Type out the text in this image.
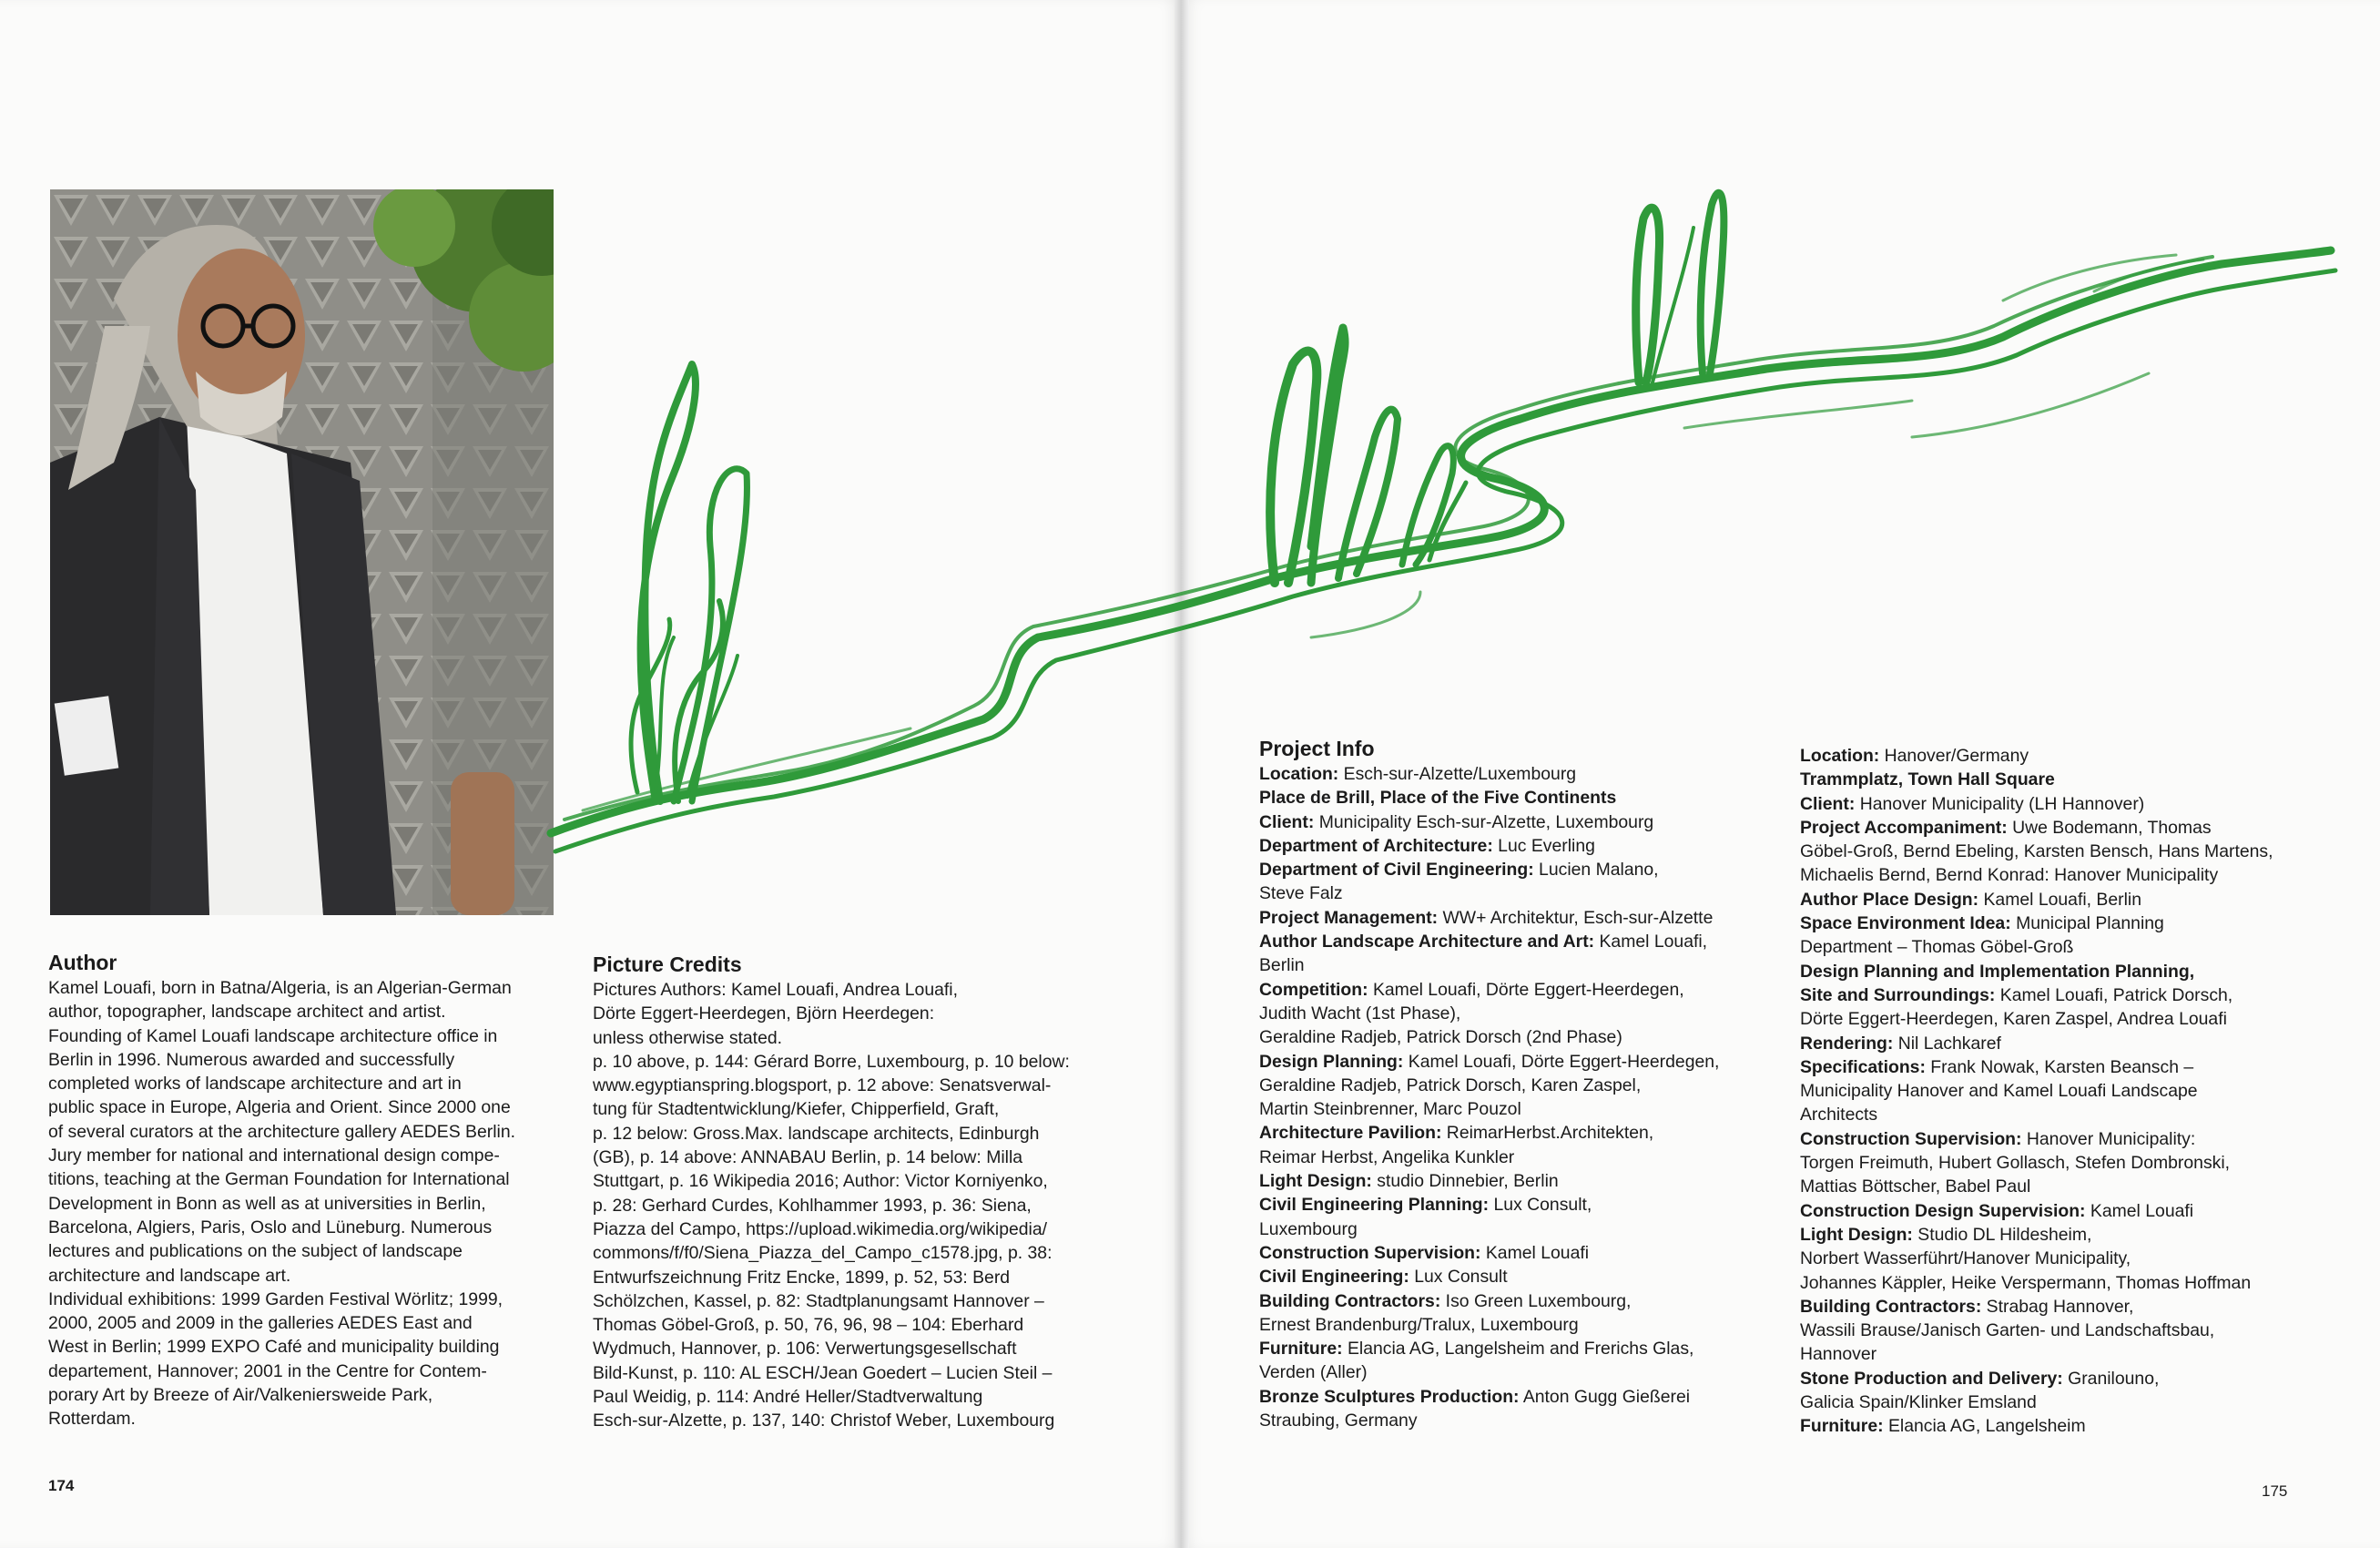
Author

Kamel Louafi, born in Batna/Algeria, is an Algerian-German
author, topographer, landscape architect and artist.
Founding of Kamel Louafi landscape architecture office in
Berlin in 1996. Numerous awarded and successfully
completed works of landscape architecture and art in
public space in Europe, Algeria and Orient. Since 2000 one
of several curators at the architecture gallery AEDES Berlin.
Jury member for national and international design compe-
titions, teaching at the German Foundation for International
Development in Bonn as well as at universities in Berlin,
Barcelona, Algiers, Paris, Oslo and Lüneburg. Numerous
lectures and publications on the subject of landscape
architecture and landscape art.
Individual exhibitions: 1999 Garden Festival Wörlitz; 1999,
2000, 2005 and 2009 in the galleries AEDES East and
West in Berlin; 1999 EXPO Café and municipality building
departement, Hannover; 2001 in the Centre for Contem-
porary Art by Breeze of Air/Valkeniersweide Park,
Rotterdam.

Picture Credits

Pictures Authors: Kamel Louafi, Andrea Louafi,
Dörte Eggert-Heerdegen, Björn Heerdegen:
unless otherwise stated.
p. 10 above, p. 144: Gérard Borre, Luxembourg, p. 10 below:
www.egyptianspring.blogsport, p. 12 above: Senatsverwal-
tung für Stadtentwicklung/Kiefer, Chipperfield, Graft,
p. 12 below: Gross.Max. landscape architects, Edinburgh
(GB), p. 14 above: ANNABAU Berlin, p. 14 below: Milla
Stuttgart, p. 16 Wikipedia 2016; Author: Victor Korniyenko,
p. 28: Gerhard Curdes, Kohlhammer 1993, p. 36: Siena,
Piazza del Campo, https://upload.wikimedia.org/wikipedia/
commons/f/f0/Siena_Piazza_del_Campo_c1578.jpg, p. 38:
Entwurfszeichnung Fritz Encke, 1899, p. 52, 53: Berd
Schölzchen, Kassel, p. 82: Stadtplanungsamt Hannover –
Thomas Göbel-Groß, p. 50, 76, 96, 98 – 104: Eberhard
Wydmuch, Hannover, p. 106: Verwertungsgesellschaft
Bild-Kunst, p. 110: AL ESCH/Jean Goedert – Lucien Steil –
Paul Weidig, p. 114: André Heller/Stadtverwaltung
Esch-sur-Alzette, p. 137, 140: Christof Weber, Luxembourg

Project Info

Location: Esch-sur-Alzette/Luxembourg
Place de Brill, Place of the Five Continents
Client: Municipality Esch-sur-Alzette, Luxembourg
Department of Architecture: Luc Everling
Department of Civil Engineering: Lucien Malano,
Steve Falz
Project Management: WW+ Architektur, Esch-sur-Alzette
Author Landscape Architecture and Art: Kamel Louafi,
Berlin
Competition: Kamel Louafi, Dörte Eggert-Heerdegen,
Judith Wacht (1st Phase),
Geraldine Radjeb, Patrick Dorsch (2nd Phase)
Design Planning: Kamel Louafi, Dörte Eggert-Heerdegen,
Geraldine Radjeb, Patrick Dorsch, Karen Zaspel,
Martin Steinbrenner, Marc Pouzol
Architecture Pavilion: ReimarHerbst.Architekten,
Reimar Herbst, Angelika Kunkler
Light Design: studio Dinnebier, Berlin
Civil Engineering Planning: Lux Consult,
Luxembourg
Construction Supervision: Kamel Louafi
Civil Engineering: Lux Consult
Building Contractors: Iso Green Luxembourg,
Ernest Brandenburg/Tralux, Luxembourg
Furniture: Elancia AG, Langelsheim and Frerichs Glas,
Verden (Aller)
Bronze Sculptures Production: Anton Gugg Gießerei
Straubing, Germany

Location: Hanover/Germany
Trammplatz, Town Hall Square
Client: Hanover Municipality (LH Hannover)
Project Accompaniment: Uwe Bodemann, Thomas
Göbel-Groß, Bernd Ebeling, Karsten Bensch, Hans Martens,
Michaelis Bernd, Bernd Konrad: Hanover Municipality
Author Place Design: Kamel Louafi, Berlin
Space Environment Idea: Municipal Planning
Department – Thomas Göbel-Groß
Design Planning and Implementation Planning,
Site and Surroundings: Kamel Louafi, Patrick Dorsch,
Dörte Eggert-Heerdegen, Karen Zaspel, Andrea Louafi
Rendering: Nil Lachkaref
Specifications: Frank Nowak, Karsten Beansch –
Municipality Hanover and Kamel Louafi Landscape
Architects
Construction Supervision: Hanover Municipality:
Torgen Freimuth, Hubert Gollasch, Stefen Dombronski,
Mattias Böttscher, Babel Paul
Construction Design Supervision: Kamel Louafi
Light Design: Studio DL Hildesheim,
Norbert Wasserführt/Hanover Municipality,
Johannes Käppler, Heike Verspermann, Thomas Hoffman
Building Contractors: Strabag Hannover,
Wassili Brause/Janisch Garten- und Landschaftsbau,
Hannover
Stone Production and Delivery: Granilouno,
Galicia Spain/Klinker Emsland
Furniture: Elancia AG, Langelsheim

174	175
